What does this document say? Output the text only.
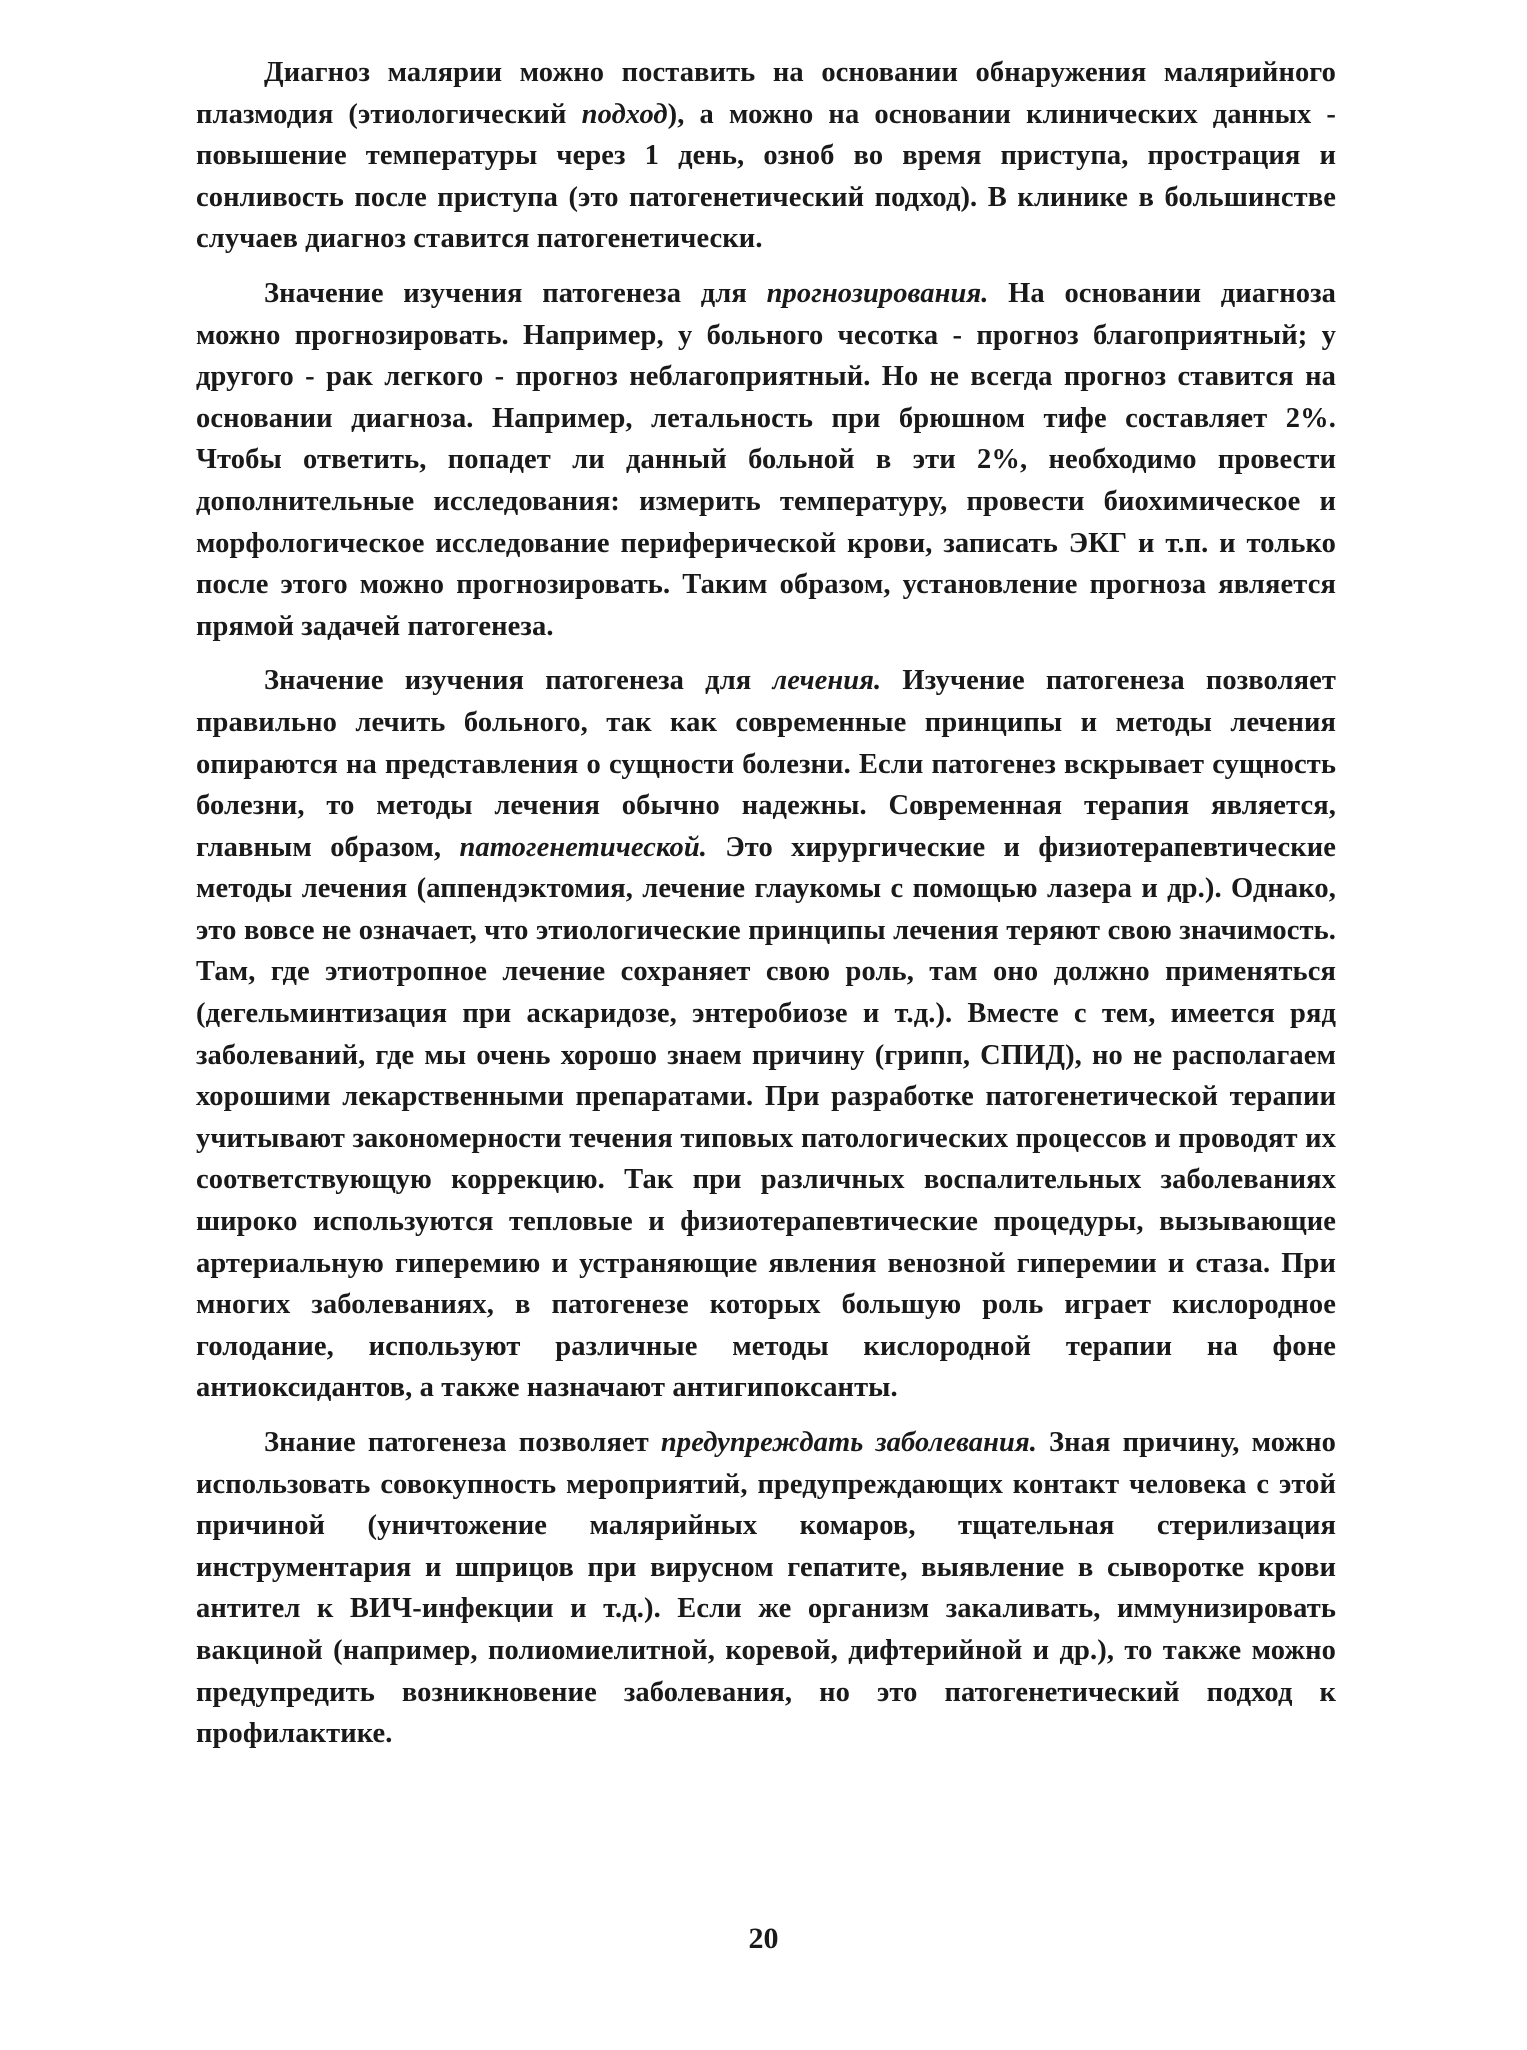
Диагноз малярии можно поставить на основании обнаружения малярийного плазмодия (этиологический подход), а можно на основании клинических данных - повышение температуры через 1 день, озноб во время приступа, прострация и сонливость после приступа (это патогенетический подход). В клинике в большинстве случаев диагноз ставится патогенетически.

Значение изучения патогенеза для прогнозирования. На основании диагноза можно прогнозировать. Например, у больного чесотка - прогноз благоприятный; у другого - рак легкого - прогноз неблагоприятный. Но не всегда прогноз ставится на основании диагноза. Например, летальность при брюшном тифе составляет 2%. Чтобы ответить, попадет ли данный больной в эти 2%, необходимо провести дополнительные исследования: измерить температуру, провести биохимическое и морфологическое исследование периферической крови, записать ЭКГ и т.п. и только после этого можно прогнозировать. Таким образом, установление прогноза является прямой задачей патогенеза.

Значение изучения патогенеза для лечения. Изучение патогенеза позволяет правильно лечить больного, так как современные принципы и методы лечения опираются на представления о сущности болезни. Если патогенез вскрывает сущность болезни, то методы лечения обычно надежны. Современная терапия является, главным образом, патогенетической. Это хирургические и физиотерапевтические методы лечения (аппендэктомия, лечение глаукомы с помощью лазера и др.). Однако, это вовсе не означает, что этиологические принципы лечения теряют свою значимость. Там, где этиотропное лечение сохраняет свою роль, там оно должно применяться (дегельминтизация при аскаридозе, энтеробиозе и т.д.). Вместе с тем, имеется ряд заболеваний, где мы очень хорошо знаем причину (грипп, СПИД), но не располагаем хорошими лекарственными препаратами. При разработке патогенетической терапии учитывают закономерности течения типовых патологических процессов и проводят их соответствующую коррекцию. Так при различных воспалительных заболеваниях широко используются тепловые и физиотерапевтические процедуры, вызывающие артериальную гиперемию и устраняющие явления венозной гиперемии и стаза. При многих заболеваниях, в патогенезе которых большую роль играет кислородное голодание, используют различные методы кислородной терапии на фоне антиоксидантов, а также назначают антигипоксанты.

Знание патогенеза позволяет предупреждать заболевания. Зная причину, можно использовать совокупность мероприятий, предупреждающих контакт человека с этой причиной (уничтожение малярийных комаров, тщательная стерилизация инструментария и шприцов при вирусном гепатите, выявление в сыворотке крови антител к ВИЧ-инфекции и т.д.). Если же организм закаливать, иммунизировать вакциной (например, полиомиелитной, коревой, дифтерийной и др.), то также можно предупредить возникновение заболевания, но это патогенетический подход к профилактике.

20
